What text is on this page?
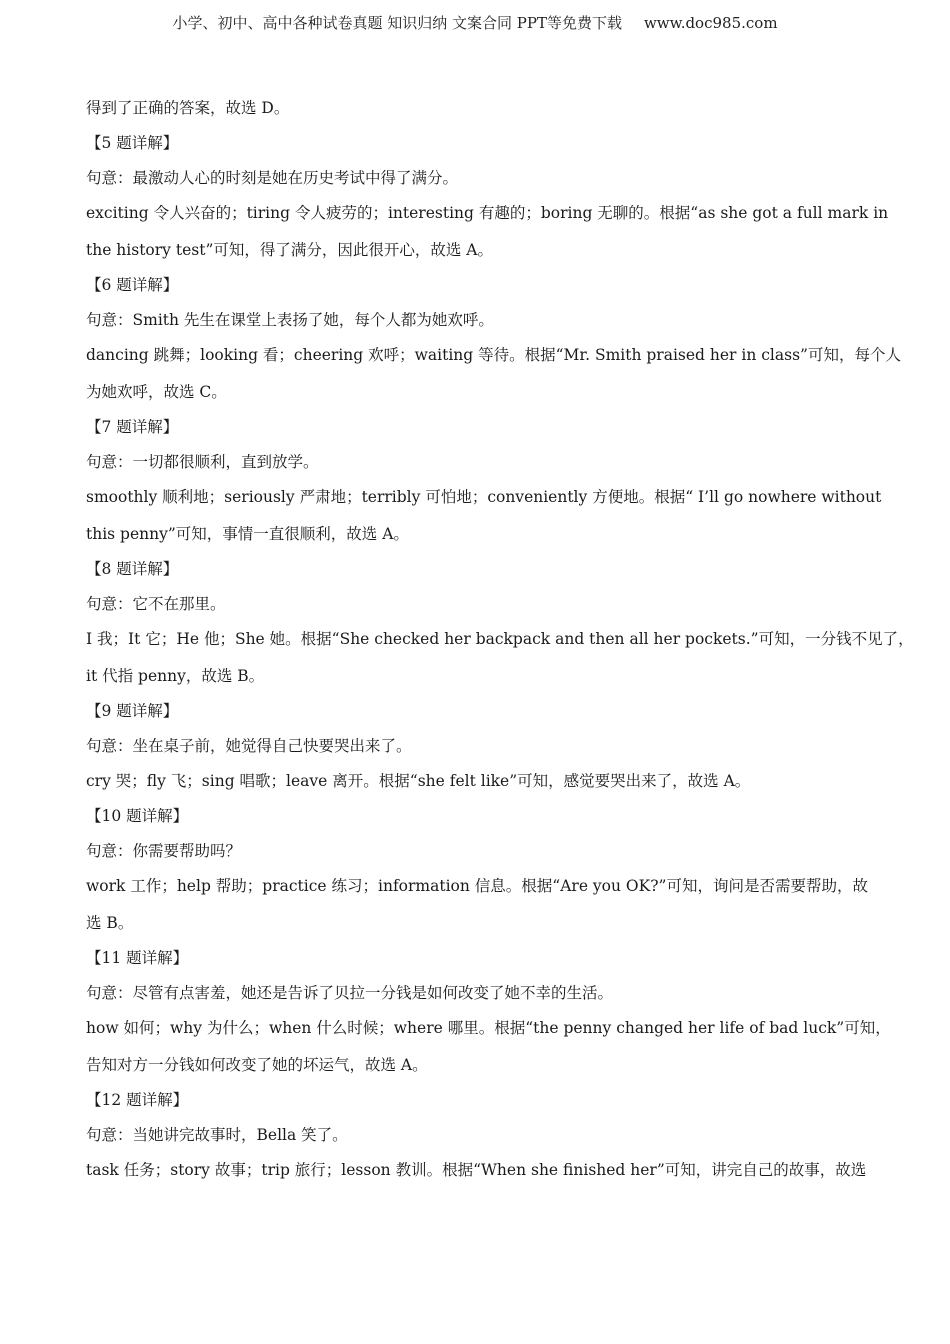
小学、初中、高中各种试卷真题 知识归纳 文案合同 PPT等免费下载 www.doc985.com
得到了正确的答案，故选 D。
【5 题详解】
句意：最激动人心的时刻是她在历史考试中得了满分。
exciting 令人兴奋的；tiring 令人疲劳的；interesting 有趣的；boring 无聊的。根据“as she got a full mark in
the history test”可知，得了满分，因此很开心，故选 A。
【6 题详解】
句意：Smith 先生在课堂上表扬了她，每个人都为她欢呼。
dancing 跳舞；looking 看；cheering 欢呼；waiting 等待。根据“Mr. Smith praised her in class”可知，每个人
为她欢呼，故选 C。
【7 题详解】
句意：一切都很顺利，直到放学。
smoothly 顺利地；seriously 严肃地；terribly 可怕地；conveniently 方便地。根据“ I’ll go nowhere without
this penny”可知，事情一直很顺利，故选 A。
【8 题详解】
句意：它不在那里。
I 我；It 它；He 他；She 她。根据“She checked her backpack and then all her pockets.”可知，一分钱不见了，
it 代指 penny，故选 B。
【9 题详解】
句意：坐在桌子前，她觉得自己快要哭出来了。
cry 哭；fly 飞；sing 唱歌；leave 离开。根据“she felt like”可知，感觉要哭出来了，故选 A。
【10 题详解】
句意：你需要帮助吗？
work 工作；help 帮助；practice 练习；information 信息。根据“Are you OK?”可知，询问是否需要帮助，故
选 B。
【11 题详解】
句意：尽管有点害羞，她还是告诉了贝拉一分钱是如何改变了她不幸的生活。
how 如何；why 为什么；when 什么时候；where 哪里。根据“the penny changed her life of bad luck”可知，
告知对方一分钱如何改变了她的坏运气，故选 A。
【12 题详解】
句意：当她讲完故事时，Bella 笑了。
task 任务；story 故事；trip 旅行；lesson 教训。根据“When she finished her”可知，讲完自己的故事，故选
